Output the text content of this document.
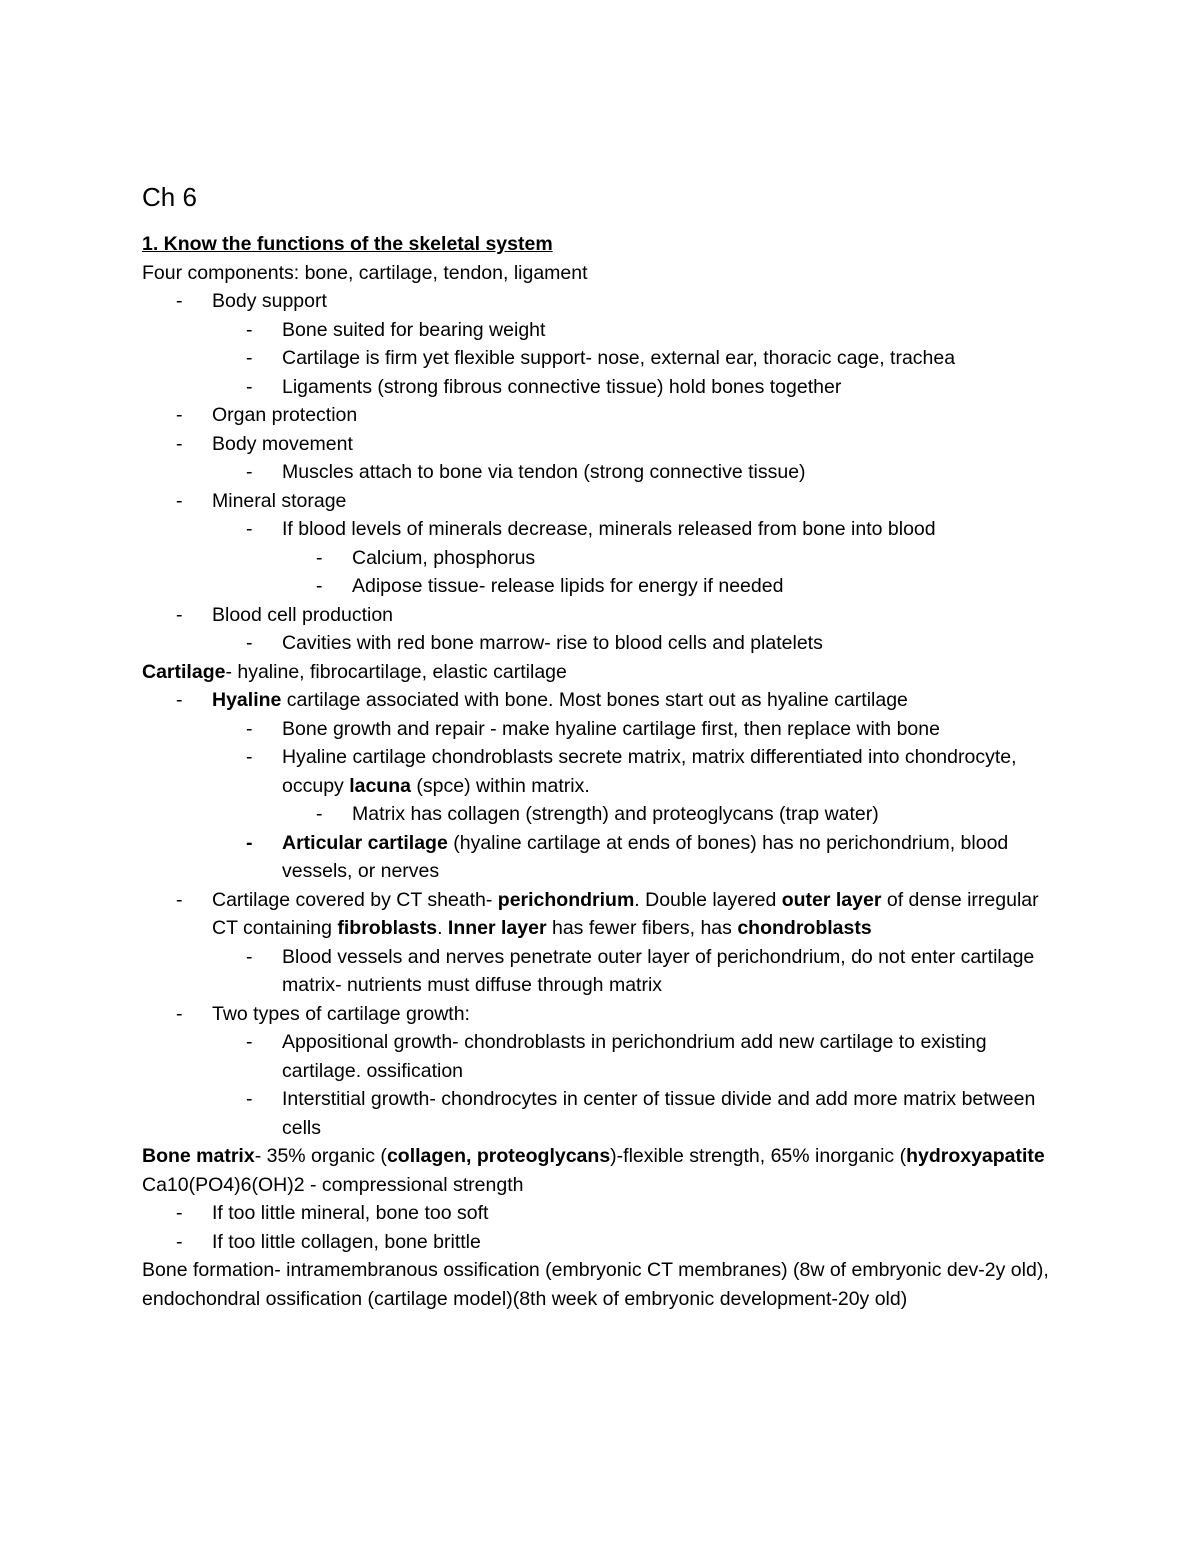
Ch 6

1. Know the functions of the skeletal system

Four components: bone, cartilage, tendon, ligament

- Body support
- Bone suited for bearing weight
- Cartilage is firm yet flexible support- nose, external ear, thoracic cage, trachea
- Ligaments (strong fibrous connective tissue) hold bones together
- Organ protection
- Body movement
- Muscles attach to bone via tendon (strong connective tissue)
- Mineral storage
- If blood levels of minerals decrease, minerals released from bone into blood
- Calcium, phosphorus
- Adipose tissue- release lipids for energy if needed
- Blood cell production
- Cavities with red bone marrow- rise to blood cells and platelets

Cartilage- hyaline, fibrocartilage, elastic cartilage

- Hyaline cartilage associated with bone. Most bones start out as hyaline cartilage
- Bone growth and repair - make hyaline cartilage first, then replace with bone
- Hyaline cartilage chondroblasts secrete matrix, matrix differentiated into chondrocyte, occupy lacuna (spce) within matrix.
- Matrix has collagen (strength) and proteoglycans (trap water)
- Articular cartilage (hyaline cartilage at ends of bones) has no perichondrium, blood vessels, or nerves
- Cartilage covered by CT sheath- perichondrium. Double layered outer layer of dense irregular CT containing fibroblasts. Inner layer has fewer fibers, has chondroblasts
- Blood vessels and nerves penetrate outer layer of perichondrium, do not enter cartilage matrix- nutrients must diffuse through matrix
- Two types of cartilage growth:
- Appositional growth- chondroblasts in perichondrium add new cartilage to existing cartilage. ossification
- Interstitial growth- chondrocytes in center of tissue divide and add more matrix between cells

Bone matrix- 35% organic (collagen, proteoglycans)-flexible strength, 65% inorganic (hydroxyapatite Ca10(PO4)6(OH)2 - compressional strength

- If too little mineral, bone too soft
- If too little collagen, bone brittle

Bone formation- intramembranous ossification (embryonic CT membranes) (8w of embryonic dev-2y old), endochondral ossification (cartilage model)(8th week of embryonic development-20y old)
